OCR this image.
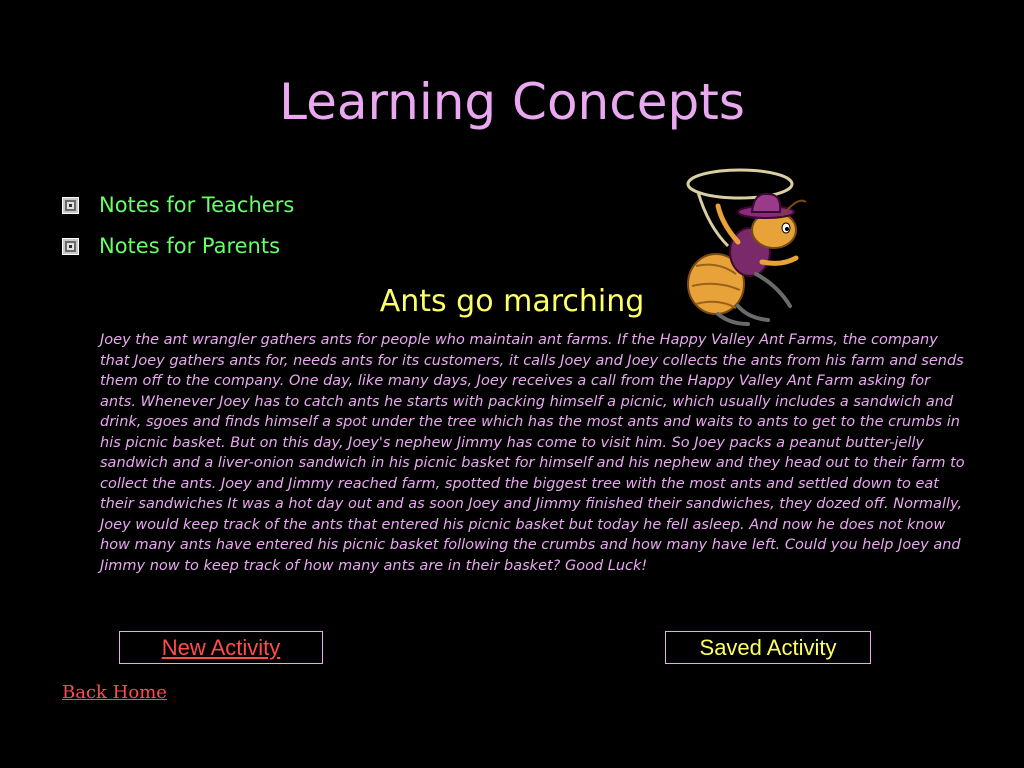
Learning Concepts
Notes for Teachers
Notes for Parents
Ants go marching

Joey the ant wrangler gathers ants for people who maintain ant farms. If the Happy Valley Ant Farms, the company that Joey gathers ants for, needs ants for its customers, it calls Joey and Joey collects the ants from his farm and sends them off to the company. One day, like many days, Joey receives a call from the Happy Valley Ant Farm asking for ants. Whenever Joey has to catch ants he starts with packing himself a picnic, which usually includes a sandwich and drink, sgoes and finds himself a spot under the tree which has the most ants and waits to ants to get to the crumbs in his picnic basket. But on this day, Joey's nephew Jimmy has come to visit him. So Joey packs a peanut butter-jelly sandwich and a liver-onion sandwich in his picnic basket for himself and his nephew and they head out to their farm to collect the ants. Joey and Jimmy reached farm, spotted the biggest tree with the most ants and settled down to eat their sandwiches It was a hot day out and as soon Joey and Jimmy finished their sandwiches, they dozed off. Normally, Joey would keep track of the ants that entered his picnic basket but today he fell asleep. And now he does not know how many ants have entered his picnic basket following the crumbs and how many have left. Could you help Joey and Jimmy now to keep track of how many ants are in their basket? Good Luck!

New Activity	Saved Activity
Back Home
